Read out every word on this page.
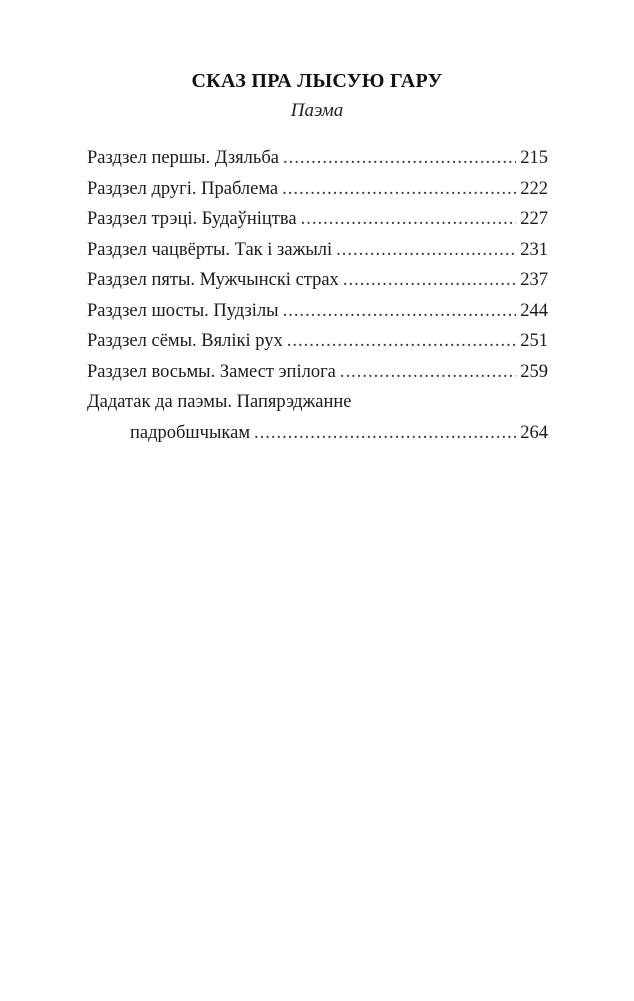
СКАЗ ПРА ЛЫСУЮ ГАРУ
Паэма
Раздзел першы. Дзяльба .....	215
Раздзел другі. Праблема .....	222
Раздзел трэці. Будаўніцтва .....	227
Раздзел чацвёрты. Так і зажылі .....	231
Раздзел пяты. Мужчынскі страх .....	237
Раздзел шосты. Пудзілы .....	244
Раздзел сёмы. Вялікі рух .....	251
Раздзел восьмы. Замест эпілога .....	259
Дадатак да паэмы. Папярэджанне
падробшчыкам .....	264
